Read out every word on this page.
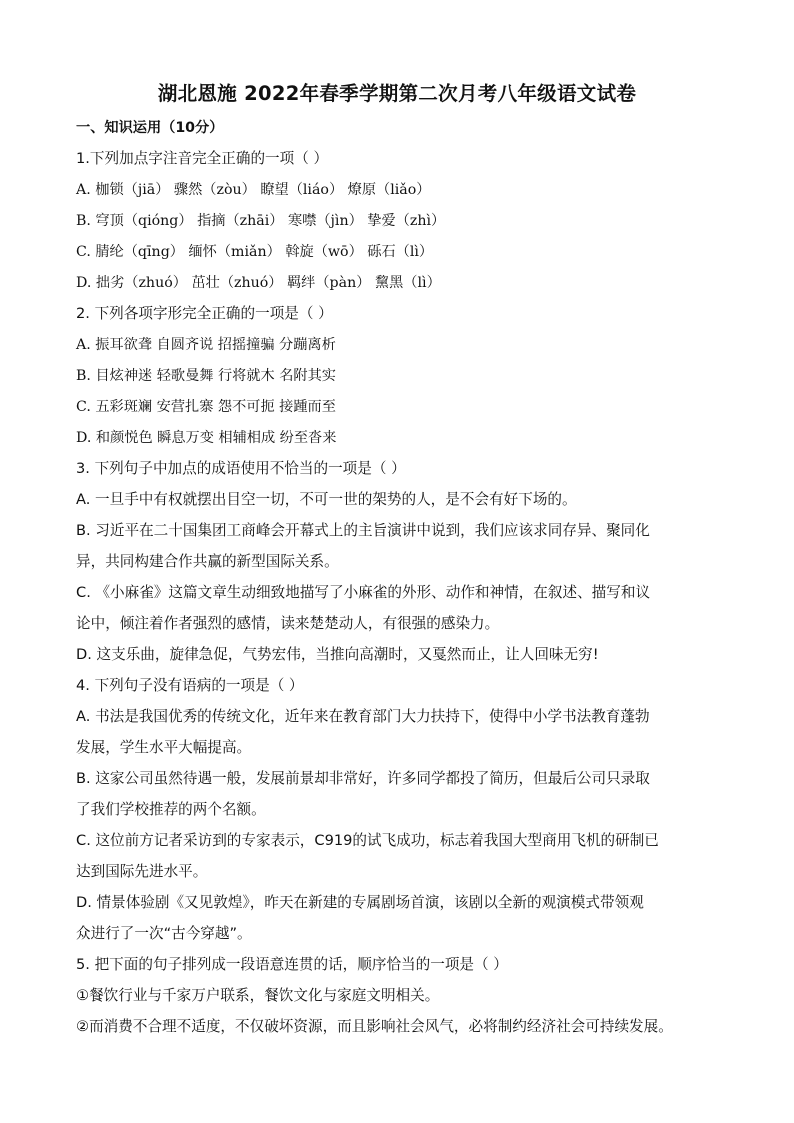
湖北恩施 2022年春季学期第二次月考八年级语文试卷
一、知识运用（10分）
1.下列加点字注音完全正确的一项（ ）
A. 枷锁（jiā） 骤然（zòu） 瞭望（liáo） 燎原（liǎo）
B. 穹顶（qióng） 指摘（zhāi） 寒噤（jìn） 挚爱（zhì）
C. 腈纶（qīng） 缅怀（miǎn） 斡旋（wō） 砾石（lì）
D. 拙劣（zhuó） 茁壮（zhuó） 羁绊（pàn） 黧黑（lì）
2. 下列各项字形完全正确的一项是（ ）
A. 振耳欲聋 自圆齐说 招摇撞骗 分蹦离析
B. 目炫神迷 轻歌曼舞 行将就木 名附其实
C. 五彩斑斓 安营扎寨 怨不可扼 接踵而至
D. 和颜悦色 瞬息万变 相辅相成 纷至沓来
3. 下列句子中加点的成语使用不恰当的一项是（ ）
A. 一旦手中有权就摆出目空一切，不可一世的架势的人，是不会有好下场的。
B. 习近平在二十国集团工商峰会开幕式上的主旨演讲中说到，我们应该求同存异、聚同化
异，共同构建合作共赢的新型国际关系。
C. 《小麻雀》这篇文章生动细致地描写了小麻雀的外形、动作和神情，在叙述、描写和议
论中，倾注着作者强烈的感情，读来楚楚动人，有很强的感染力。
D. 这支乐曲，旋律急促，气势宏伟，当推向高潮时，又戛然而止，让人回味无穷!
4. 下列句子没有语病的一项是（ ）
A. 书法是我国优秀的传统文化，近年来在教育部门大力扶持下，使得中小学书法教育蓬勃
发展，学生水平大幅提高。
B. 这家公司虽然待遇一般，发展前景却非常好，许多同学都投了简历，但最后公司只录取
了我们学校推荐的两个名额。
C. 这位前方记者采访到的专家表示，C919的试飞成功，标志着我国大型商用飞机的研制已
达到国际先进水平。
D. 情景体验剧《又见敦煌》，昨天在新建的专属剧场首演，该剧以全新的观演模式带领观
众进行了一次“古今穿越”。
5. 把下面的句子排列成一段语意连贯的话，顺序恰当的一项是（ ）
①餐饮行业与千家万户联系，餐饮文化与家庭文明相关。
②而消费不合理不适度，不仅破坏资源，而且影响社会风气，必将制约经济社会可持续发展。
